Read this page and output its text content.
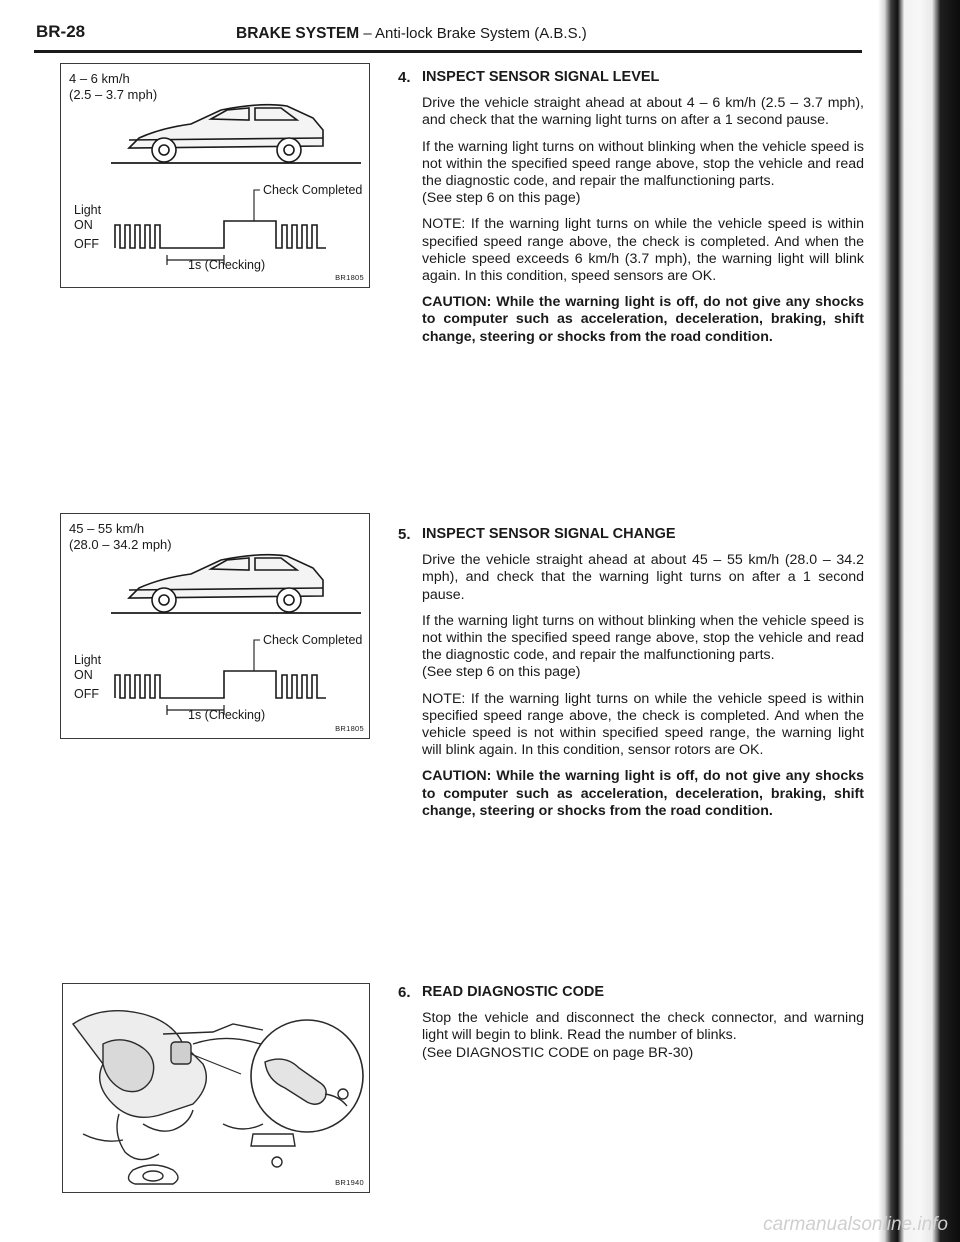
BR-28	BRAKE SYSTEM – Anti-lock Brake System (A.B.S.)
4 – 6 km/h
(2.5 – 3.7 mph)
Light
ON
OFF
Check Completed
1s (Checking)
BR1805
45 – 55 km/h
(28.0 – 34.2 mph)
Light
ON
OFF
Check Completed
1s (Checking)
BR1805
BR1940
4. INSPECT SENSOR SIGNAL LEVEL

Drive the vehicle straight ahead at about 4 – 6 km/h (2.5 – 3.7 mph), and check that the warning light turns on after a 1 second pause.

If the warning light turns on without blinking when the vehicle speed is not within the specified speed range above, stop the vehicle and read the diagnostic code, and repair the malfunctioning parts.
(See step 6 on this page)

NOTE: If the warning light turns on while the vehicle speed is within specified speed range above, the check is completed. And when the vehicle speed exceeds 6 km/h (3.7 mph), the warning light will blink again. In this condition, speed sensors are OK.

CAUTION: While the warning light is off, do not give any shocks to computer such as acceleration, deceleration, braking, shift change, steering or shocks from the road condition.

5. INSPECT SENSOR SIGNAL CHANGE

Drive the vehicle straight ahead at about 45 – 55 km/h (28.0 – 34.2 mph), and check that the warning light turns on after a 1 second pause.

If the warning light turns on without blinking when the vehicle speed is not within the specified speed range above, stop the vehicle and read the diagnostic code, and repair the malfunctioning parts.
(See step 6 on this page)

NOTE: If the warning light turns on while the vehicle speed is within specified speed range above, the check is completed. And when the vehicle speed is not within specified speed range, the warning light will blink again. In this condition, sensor rotors are OK.

CAUTION: While the warning light is off, do not give any shocks to computer such as acceleration, deceleration, braking, shift change, steering or shocks from the road condition.

6. READ DIAGNOSTIC CODE

Stop the vehicle and disconnect the check connector, and warning light will begin to blink. Read the number of blinks.
(See DIAGNOSTIC CODE on page BR-30)

carmanualsonline.info
